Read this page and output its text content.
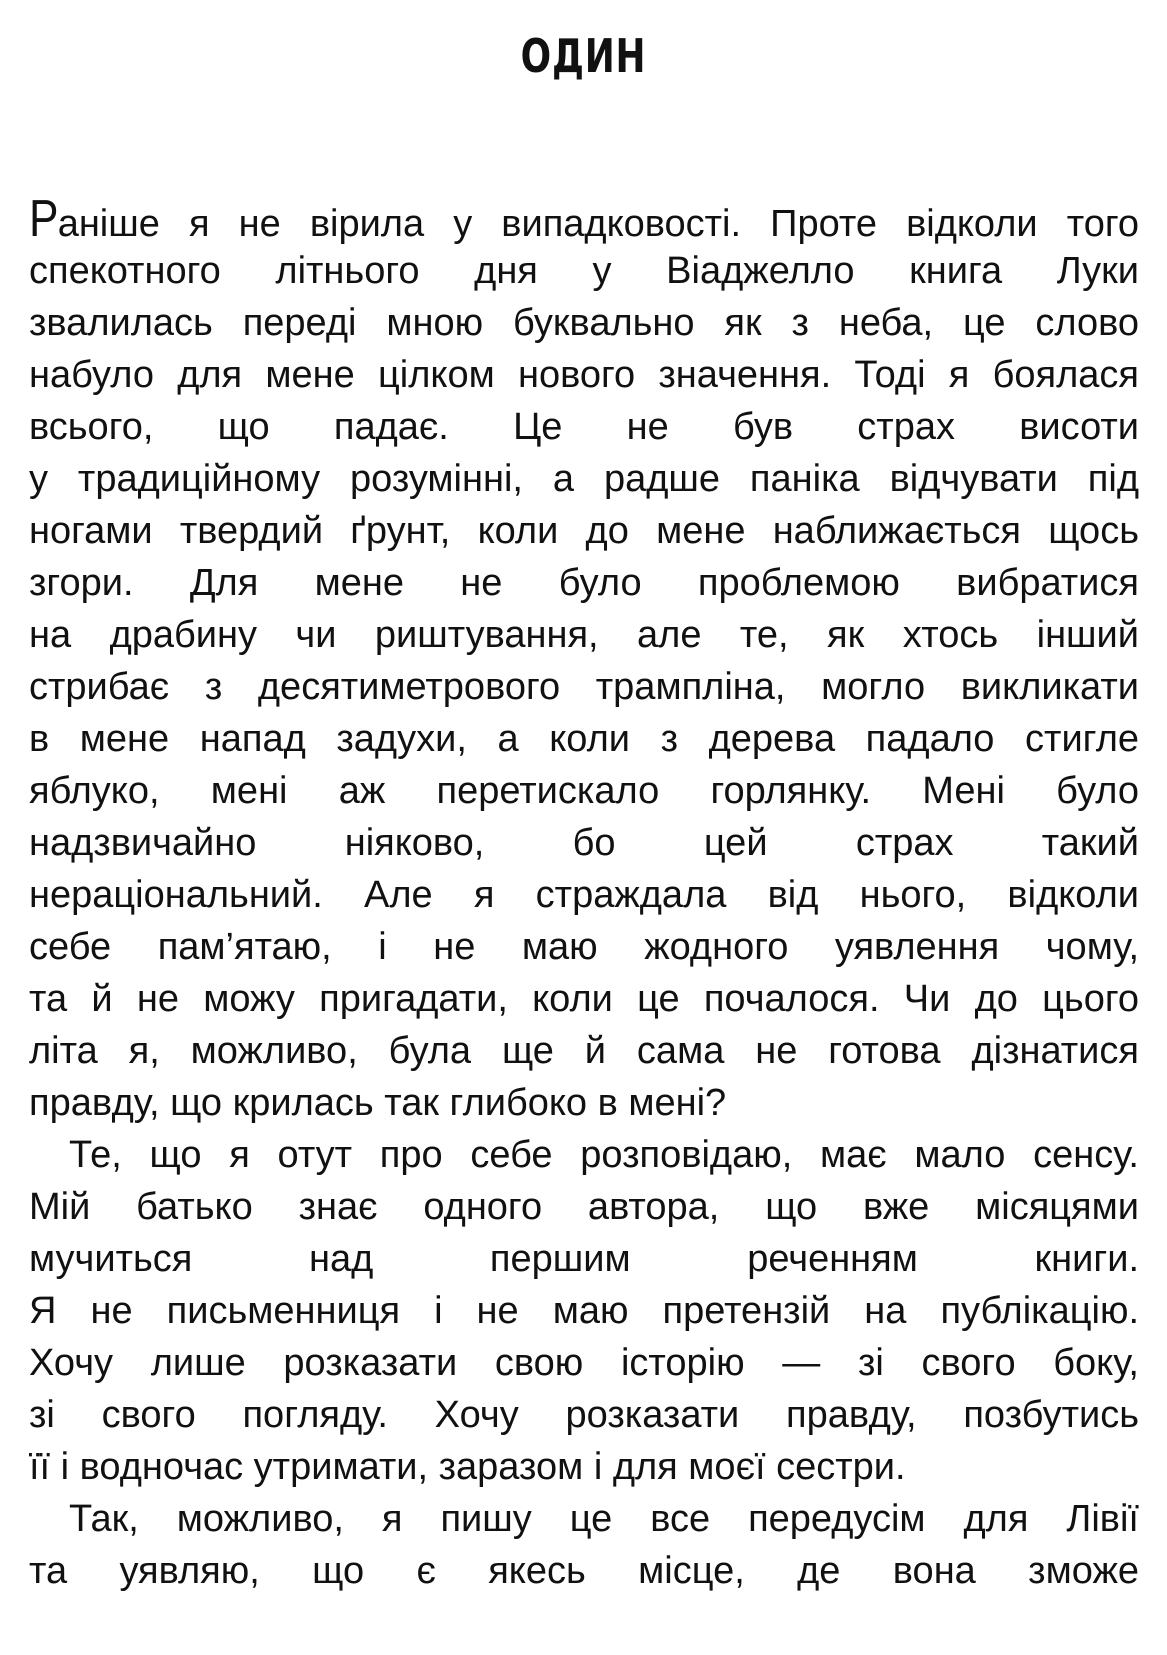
ОДИН
Раніше я не вірила у випадковості. Проте відколи того
спекотного літнього дня у Віаджелло книга Луки
звалилась переді мною буквально як з неба, це слово
набуло для мене цілком нового значення. Тоді я боялася
всього, що падає. Це не був страх висоти
у традиційному розумінні, а радше паніка відчувати під
ногами твердий ґрунт, коли до мене наближається щось
згори. Для мене не було проблемою вибратися
на драбину чи риштування, але те, як хтось інший
стрибає з десятиметрового трампліна, могло викликати
в мене напад задухи, а коли з дерева падало стигле
яблуко, мені аж перетискало горлянку. Мені було
надзвичайно ніяково, бо цей страх такий
нераціональний. Але я страждала від нього, відколи
себе пам’ятаю, і не маю жодного уявлення чому,
та й не можу пригадати, коли це почалося. Чи до цього
літа я, можливо, була ще й сама не готова дізнатися
правду, що крилась так глибоко в мені?
Те, що я отут про себе розповідаю, має мало сенсу.
Мій батько знає одного автора, що вже місяцями
мучиться над першим реченням книги.
Я не письменниця і не маю претензій на публікацію.
Хочу лише розказати свою історію — зі свого боку,
зі свого погляду. Хочу розказати правду, позбутись
її і водночас утримати, заразом і для моєї сестри.
Так, можливо, я пишу це все передусім для Лівії
та уявляю, що є якесь місце, де вона зможе
